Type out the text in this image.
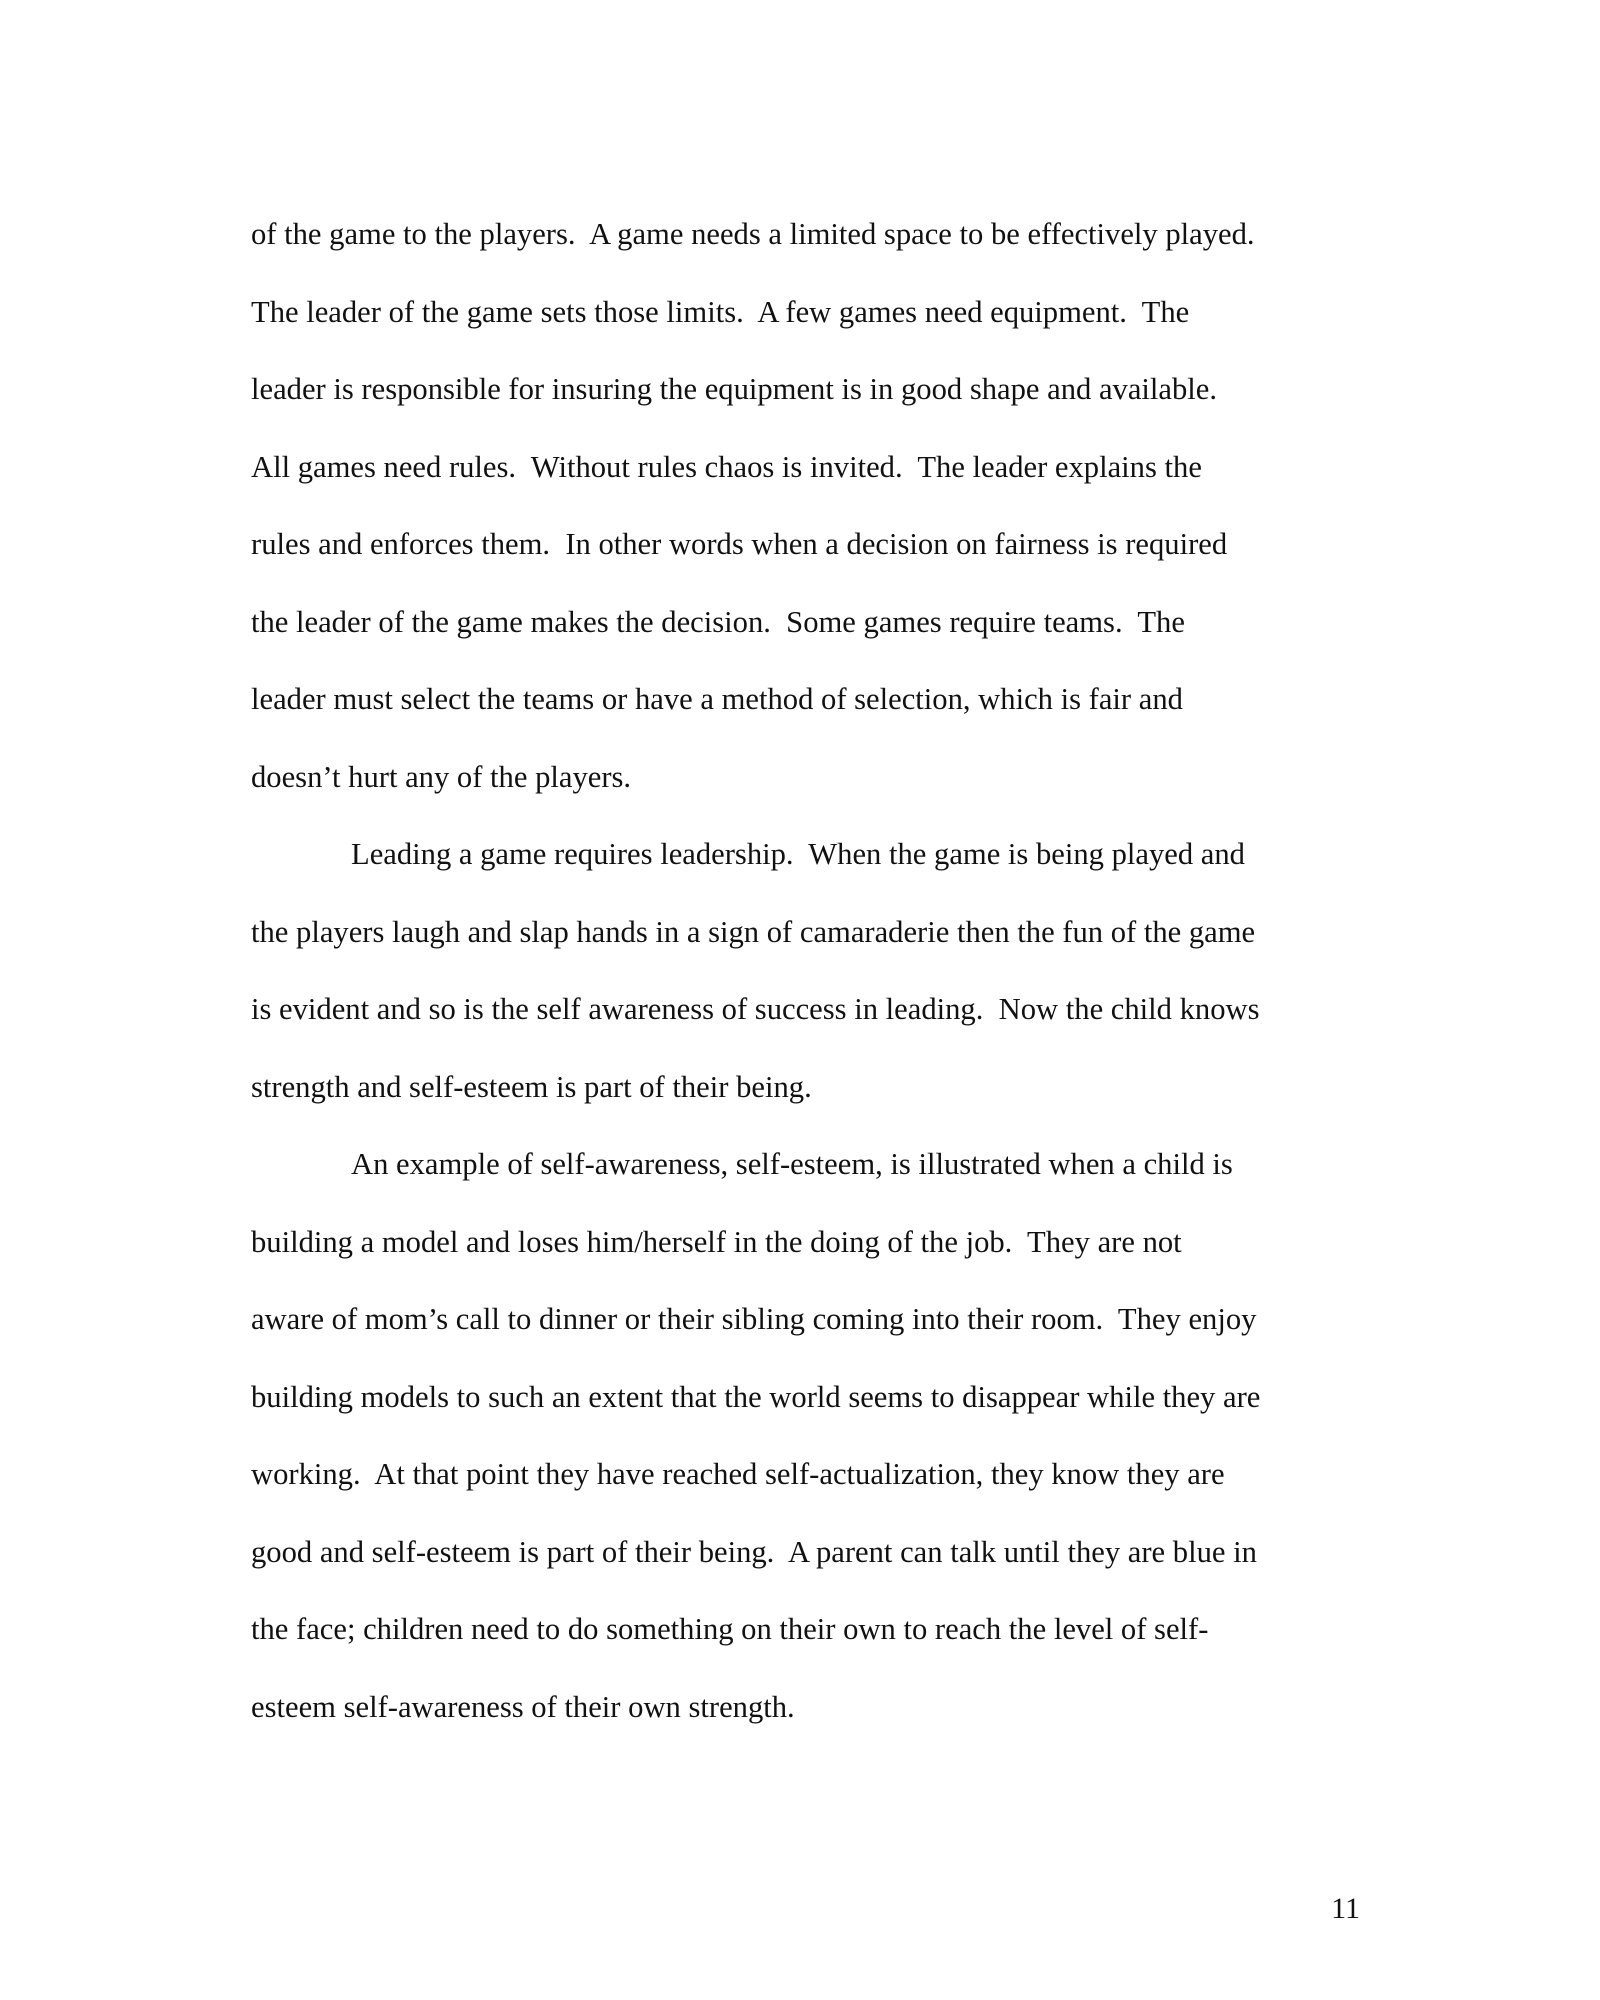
of the game to the players.  A game needs a limited space to be effectively played.
The leader of the game sets those limits.  A few games need equipment.  The
leader is responsible for insuring the equipment is in good shape and available.
All games need rules.  Without rules chaos is invited.  The leader explains the
rules and enforces them.  In other words when a decision on fairness is required
the leader of the game makes the decision.  Some games require teams.  The
leader must select the teams or have a method of selection, which is fair and
doesn’t hurt any of the players.
Leading a game requires leadership.  When the game is being played and
the players laugh and slap hands in a sign of camaraderie then the fun of the game
is evident and so is the self awareness of success in leading.  Now the child knows
strength and self-esteem is part of their being.
An example of self-awareness, self-esteem, is illustrated when a child is
building a model and loses him/herself in the doing of the job.  They are not
aware of mom’s call to dinner or their sibling coming into their room.  They enjoy
building models to such an extent that the world seems to disappear while they are
working.  At that point they have reached self-actualization, they know they are
good and self-esteem is part of their being.  A parent can talk until they are blue in
the face; children need to do something on their own to reach the level of self-
esteem self-awareness of their own strength.
11
